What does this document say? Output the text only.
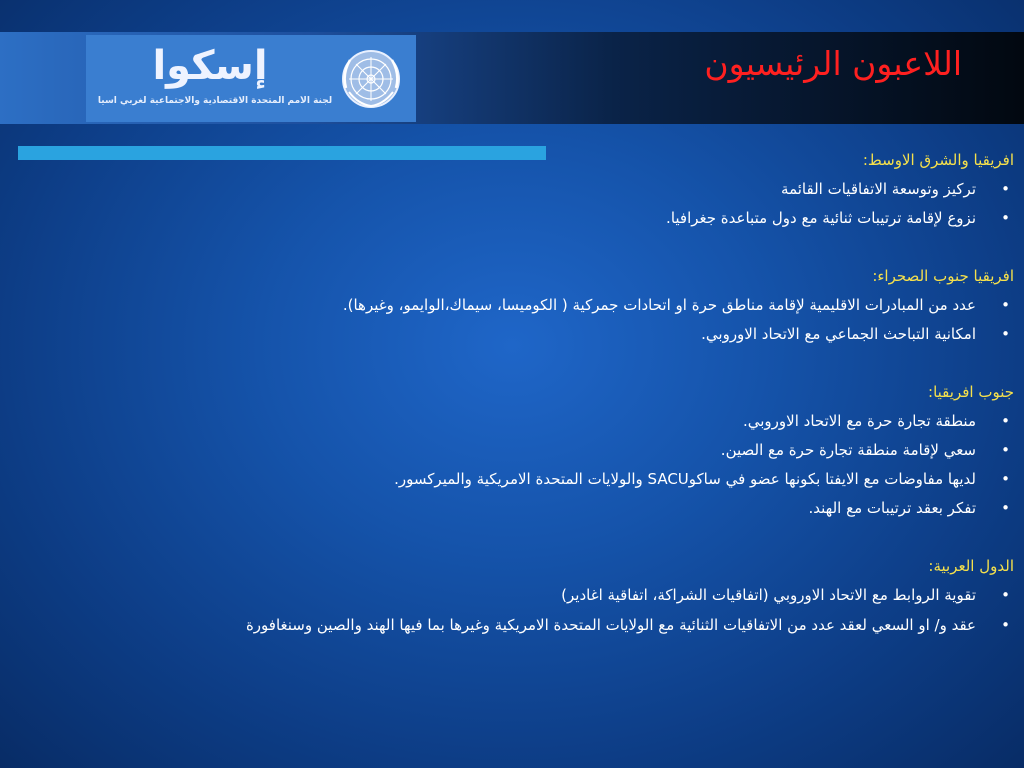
إسكوا
لجنة الأمم المتحدة الاقتصادية والاجتماعية لغربي آسيا
اللاعبون الرئيسيون
افريقيا والشرق الاوسط:
•
تركيز وتوسعة الاتفاقيات القائمة
•
نزوع لإقامة ترتيبات ثنائية مع دول متباعدة جغرافيا.
افريقيا جنوب الصحراء:
•
عدد من المبادرات الاقليمية لإقامة مناطق حرة او اتحادات جمركية ( الكوميسا، سيماك،الوايمو، وغيرها).
•
امكانية التباحث الجماعي مع الاتحاد الاوروبي.
جنوب افريقيا:
•
منطقة تجارة حرة مع الاتحاد الاوروبي.
•
سعي لإقامة منطقة تجارة حرة مع الصين.
•
لديها مفاوضات مع الايفتا بكونها عضو في ساكوSACU والولايات المتحدة الامريكية والميركسور.
•
تفكر بعقد ترتيبات مع الهند.
الدول العربية:
•
تقوية الروابط مع الاتحاد الاوروبي (اتفاقيات الشراكة، اتفاقية اغادير)
•
عقد و/ او السعي لعقد عدد من الاتفاقيات الثنائية مع الولايات المتحدة الامريكية وغيرها بما فيها الهند والصين وسنغافورة
